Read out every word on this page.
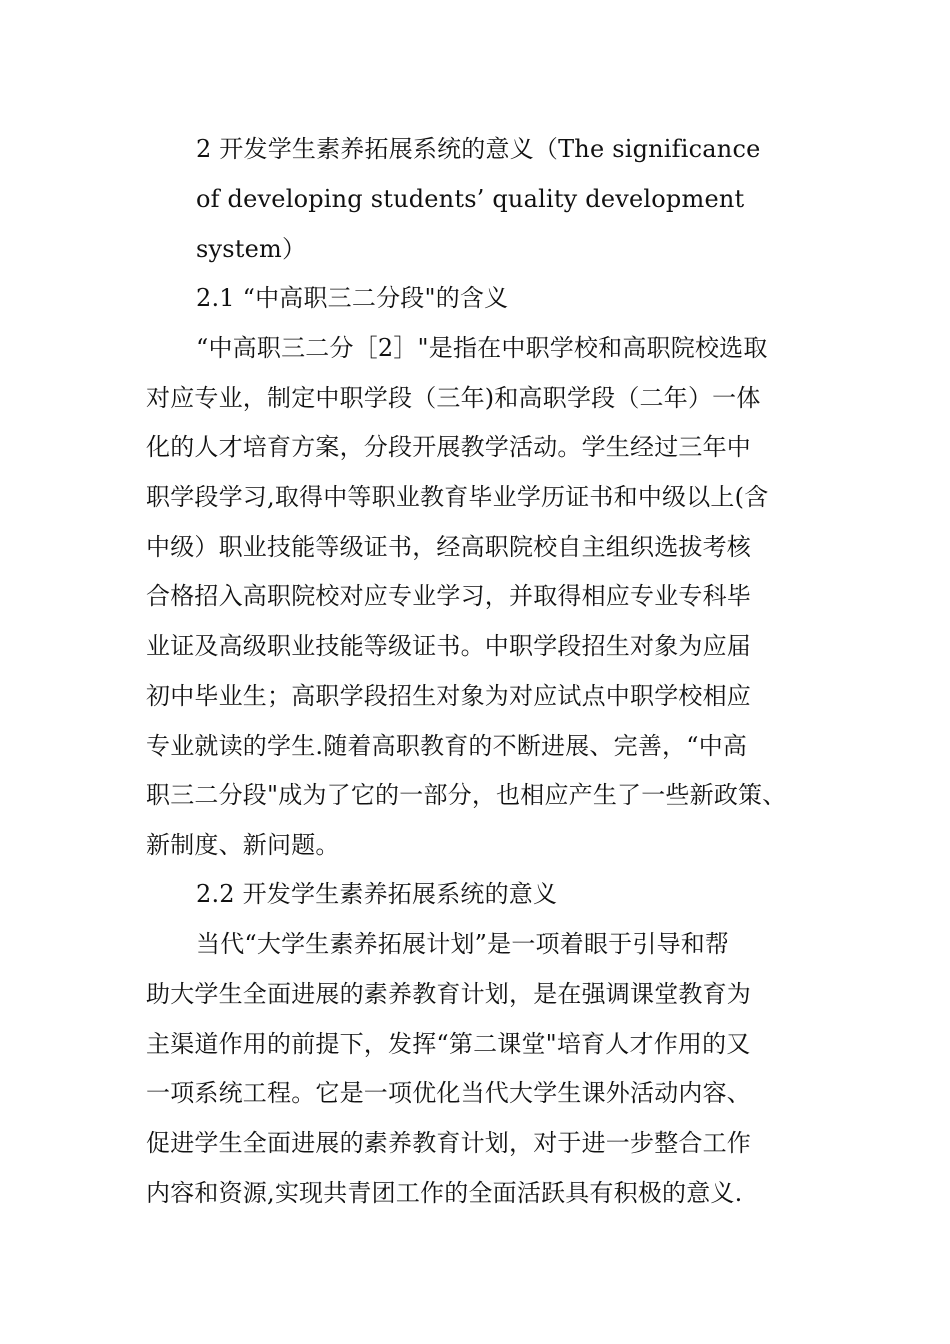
2 开发学生素养拓展系统的意义（The significance
of developing students’ quality development
system）
2.1 “中高职三二分段"的含义
“中高职三二分［2］"是指在中职学校和高职院校选取
对应专业，制定中职学段（三年)和高职学段（二年）一体
化的人才培育方案，分段开展教学活动。学生经过三年中
职学段学习,取得中等职业教育毕业学历证书和中级以上(含
中级）职业技能等级证书，经高职院校自主组织选拔考核
合格招入高职院校对应专业学习，并取得相应专业专科毕
业证及高级职业技能等级证书。中职学段招生对象为应届
初中毕业生；高职学段招生对象为对应试点中职学校相应
专业就读的学生.随着高职教育的不断进展、完善，“中高
职三二分段"成为了它的一部分，也相应产生了一些新政策、
新制度、新问题。
2.2 开发学生素养拓展系统的意义
当代“大学生素养拓展计划”是一项着眼于引导和帮
助大学生全面进展的素养教育计划，是在强调课堂教育为
主渠道作用的前提下，发挥“第二课堂"培育人才作用的又
一项系统工程。它是一项优化当代大学生课外活动内容、
促进学生全面进展的素养教育计划，对于进一步整合工作
内容和资源,实现共青团工作的全面活跃具有积极的意义.
